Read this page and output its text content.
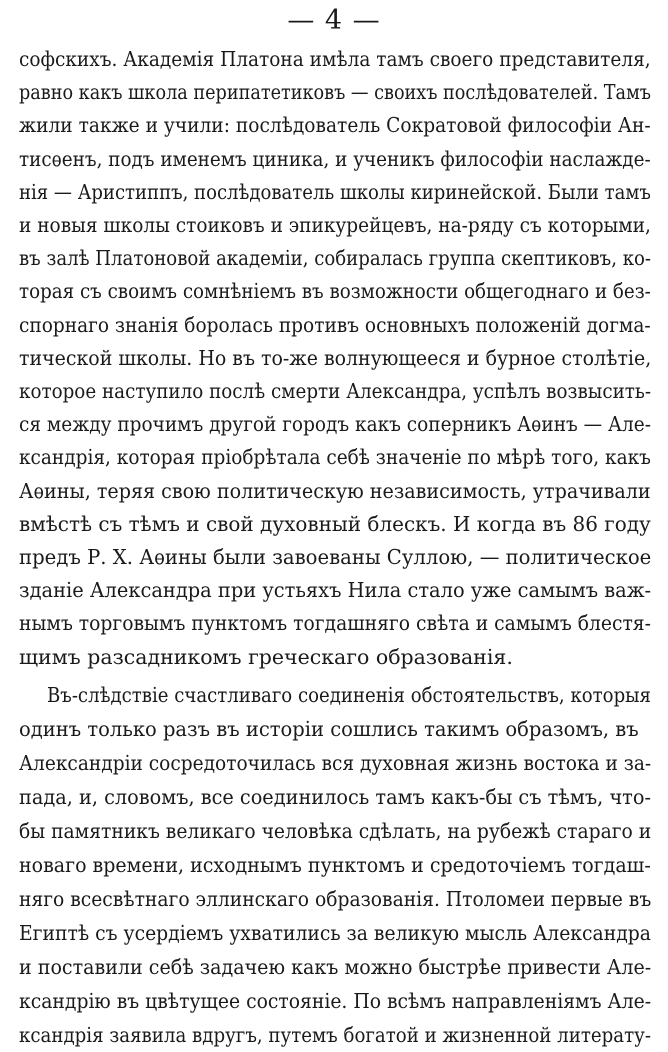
— 4 —
софскихъ. Академія Платона имѣла тамъ своего представителя,
равно какъ школа перипатетиковъ — своихъ послѣдователей. Тамъ
жили также и учили: послѣдователь Сократовой философіи Ан-
тисѳенъ, подъ именемъ циника, и ученикъ философіи наслажде-
нія — Аристиппъ, послѣдователь школы киринейской. Были тамъ
и новыя школы стоиковъ и эпикурейцевъ, на-ряду съ которыми,
въ залѣ Платоновой академіи, собиралась группа скептиковъ, ко-
торая съ своимъ сомнѣніемъ въ возможности общегоднаго и без-
спорнаго знанія боролась противъ основныхъ положеній догма-
тической школы. Но въ то-же волнующееся и бурное столѣтіе,
которое наступило послѣ смерти Александра, успѣлъ возвысить-
ся между прочимъ другой городъ какъ соперникъ Аѳинъ — Але-
ксандрія, которая пріобрѣтала себѣ значеніе по мѣрѣ того, какъ
Аѳины, теряя свою политическую независимость, утрачивали
вмѣстѣ съ тѣмъ и свой духовный блескъ. И когда въ 86 году
предъ Р. Х. Аѳины были завоеваны Суллою, — политическое
зданіе Александра при устьяхъ Нила стало уже самымъ важ-
нымъ торговымъ пунктомъ тогдашняго свѣта и самымъ блестя-
щимъ разсадникомъ греческаго образованія.
Въ-слѣдствіе счастливаго соединенія обстоятельствъ, которыя
одинъ только разъ въ исторіи сошлись такимъ образомъ, въ
Александріи сосредоточилась вся духовная жизнь востока и за-
пада, и, словомъ, все соединилось тамъ какъ-бы съ тѣмъ, что-
бы памятникъ великаго человѣка сдѣлать, на рубежѣ стараго и
новаго времени, исходнымъ пунктомъ и средоточіемъ тогдаш-
няго всесвѣтнаго эллинскаго образованія. Птоломеи первые въ
Египтѣ съ усердіемъ ухватились за великую мысль Александра
и поставили себѣ задачею какъ можно быстрѣе привести Але-
ксандрію въ цвѣтущее состояніе. По всѣмъ направленіямъ Але-
ксандрія заявила вдругъ, путемъ богатой и жизненной литерату-
